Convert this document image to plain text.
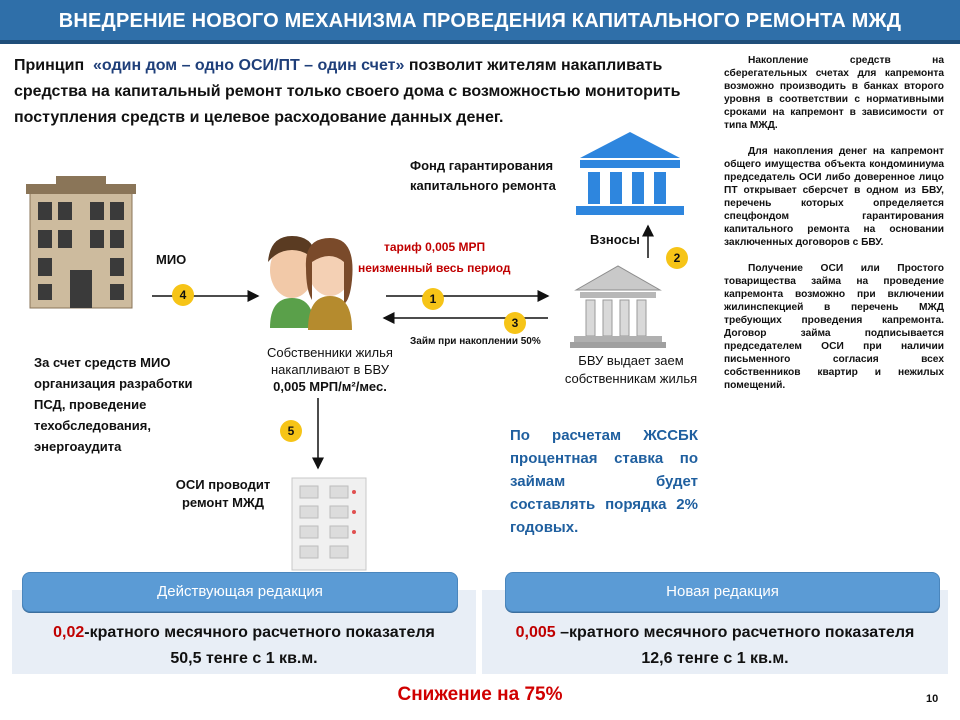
ВНЕДРЕНИЕ НОВОГО МЕХАНИЗМА ПРОВЕДЕНИЯ КАПИТАЛЬНОГО РЕМОНТА МЖД
Принцип «один дом – одно ОСИ/ПТ – один счет» позволит жителям накапливать средства на капитальный ремонт только своего дома с возможностью мониторить поступления средств и целевое расходование данных денег.

Накопление средств на сберегательных счетах для капремонта возможно производить в банках второго уровня в соответствии с нормативными сроками на капремонт в зависимости от типа МЖД.

Для накопления денег на капремонт общего имущества объекта кондоминиума председатель ОСИ либо доверенное лицо ПТ открывает сберсчет в одном из БВУ, перечень которых определяется спецфондом гарантирования капитального ремонта на основании заключенных договоров с БВУ.

Получение ОСИ или Простого товарищества займа на проведение капремонта возможно при включении жилинспекцией в перечень МЖД требующих проведения капремонта. Договор займа подписывается председателем ОСИ при наличии письменного согласия всех собственников квартир и нежилых помещений.

Фонд гарантирования капитального ремонта
Взносы
МИО
тариф 0,005 МРП
неизменный весь период
Займ при накоплении 50%
Собственники жилья
накапливают в БВУ
0,005 МРП/м²/мес.
БВУ выдает заем
собственникам жилья
За счет средств МИО организация разработки ПСД, проведение техобследования, энергоаудита
ОСИ проводит
ремонт МЖД
1
2
3
4
5	По расчетам ЖССБК процентная ставка по займам будет составлять порядка 2% годовых.
Действующая редакция	Новая редакция
0,02-кратного месячного расчетного показателя
50,5 тенге с 1 кв.м.
0,005 –кратного месячного расчетного показателя
12,6 тенге с 1 кв.м.
Снижение на 75%	10
